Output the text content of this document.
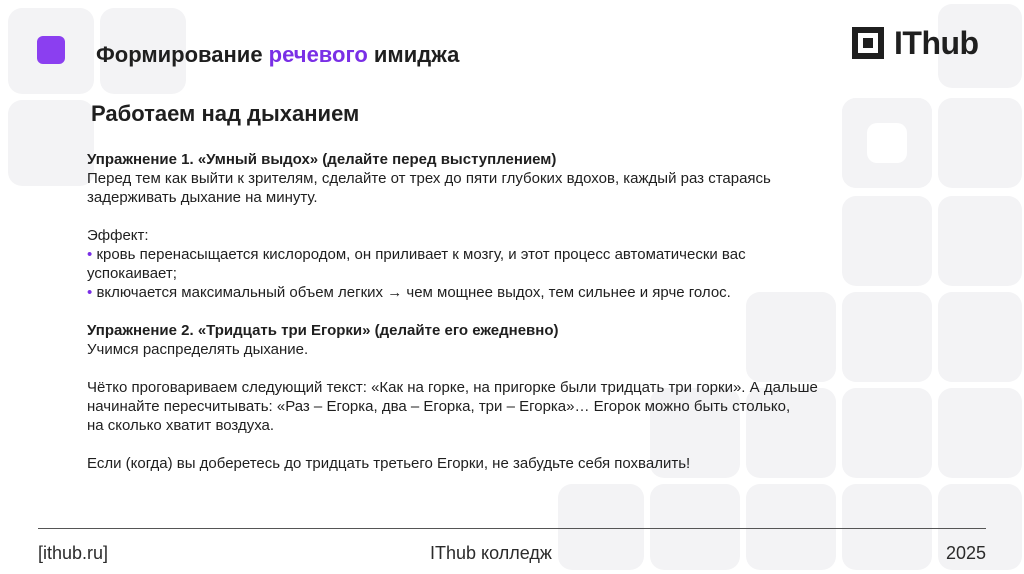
Формирование речевого имиджа	IThub
Работаем над дыханием

Упражнение 1. «Умный выдох» (делайте перед выступлением)

Перед тем как выйти к зрителям, сделайте от трех до пяти глубоких вдохов, каждый раз стараясь

задерживать дыхание на минуту.

Эффект:

• кровь перенасыщается кислородом, он приливает к мозгу, и этот процесс автоматически вас

успокаивает;

• включается максимальный объем легких → чем мощнее выдох, тем сильнее и ярче голос.

Упражнение 2. «Тридцать три Егорки» (делайте его ежедневно)

Учимся распределять дыхание.

Чётко проговариваем следующий текст: «Как на горке, на пригорке были тридцать три горки». А дальше

начинайте пересчитывать: «Раз – Егорка, два – Егорка, три – Егорка»… Егорок можно быть столько,

на сколько хватит воздуха.

Если (когда) вы доберетесь до тридцать третьего Егорки, не забудьте себя похвалить!

[ithub.ru]	IThub колледж	2025
